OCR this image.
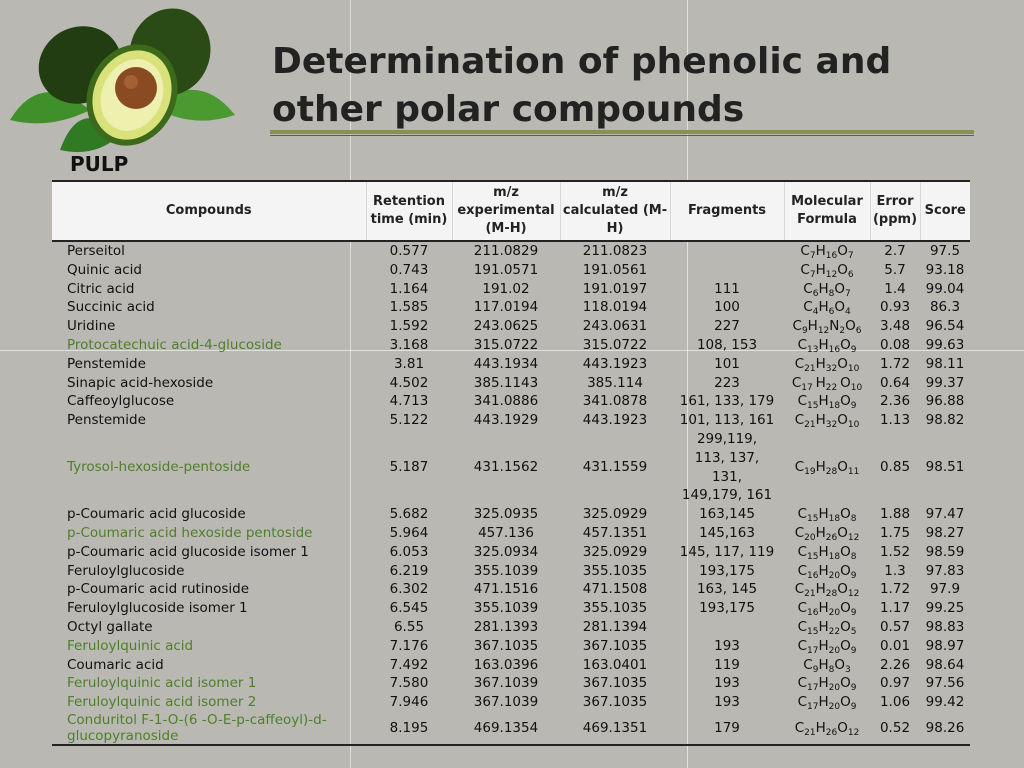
Determination of phenolic and other polar compounds
PULP
Compounds	Retention time (min)	m/z experimental (M-H)	m/z calculated (M-H)	Fragments	Molecular Formula	Error (ppm)	Score
Perseitol	0.577	211.0829	211.0823		$C_7H_{16}O_7$	2.7	97.5
Quinic acid	0.743	191.0571	191.0561		$C_7H_{12}O_6$	5.7	93.18
Citric acid	1.164	191.02	191.0197	111	$C_6H_8O_7$	1.4	99.04
Succinic acid	1.585	117.0194	118.0194	100	$C_4H_6O_4$	0.93	86.3
Uridine	1.592	243.0625	243.0631	227	$C_9H_{12}N_2O_6$	3.48	96.54
Protocatechuic acid-4-glucoside	3.168	315.0722	315.0722	108, 153	$C_{13}H_{16}O_9$	0.08	99.63
Penstemide	3.81	443.1934	443.1923	101	$C_{21}H_{32}O_{10}$	1.72	98.11
Sinapic acid-hexoside	4.502	385.1143	385.114	223	$C_{17}$ $H_{22}$ $O_{10}$	0.64	99.37
Caffeoylglucose	4.713	341.0886	341.0878	161, 133, 179	$C_{15}H_{18}O_9$	2.36	96.88
Penstemide	5.122	443.1929	443.1923	101, 113, 161	$C_{21}H_{32}O_{10}$	1.13	98.82
Tyrosol-hexoside-pentoside	5.187	431.1562	431.1559	299,119, 113, 137, 131, 149,179, 161	$C_{19}H_{28}O_{11}$	0.85	98.51
p-Coumaric acid glucoside	5.682	325.0935	325.0929	163,145	$C_{15}H_{18}O_8$	1.88	97.47
p-Coumaric acid hexoside pentoside	5.964	457.136	457.1351	145,163	$C_{20}H_{26}O_{12}$	1.75	98.27
p-Coumaric acid glucoside isomer 1	6.053	325.0934	325.0929	145, 117, 119	$C_{15}H_{18}O_8$	1.52	98.59
Feruloylglucoside	6.219	355.1039	355.1035	193,175	$C_{16}H_{20}O_9$	1.3	97.83
p-Coumaric acid rutinoside	6.302	471.1516	471.1508	163, 145	$C_{21}H_{28}O_{12}$	1.72	97.9
Feruloylglucoside isomer 1	6.545	355.1039	355.1035	193,175	$C_{16}H_{20}O_9$	1.17	99.25
Octyl gallate	6.55	281.1393	281.1394		$C_{15}H_{22}O_5$	0.57	98.83
Feruloylquinic acid	7.176	367.1035	367.1035	193	$C_{17}H_{20}O_9$	0.01	98.97
Coumaric acid	7.492	163.0396	163.0401	119	$C_9H_8O_3$	2.26	98.64
Feruloylquinic acid isomer 1	7.580	367.1039	367.1035	193	$C_{17}H_{20}O_9$	0.97	97.56
Feruloylquinic acid isomer 2	7.946	367.1039	367.1035	193	$C_{17}H_{20}O_9$	1.06	99.42
Conduritol F-1-O-(6 -O-E-p-caffeoyl)-d-glucopyranoside	8.195	469.1354	469.1351	179	$C_{21}H_{26}O_{12}$	0.52	98.26
